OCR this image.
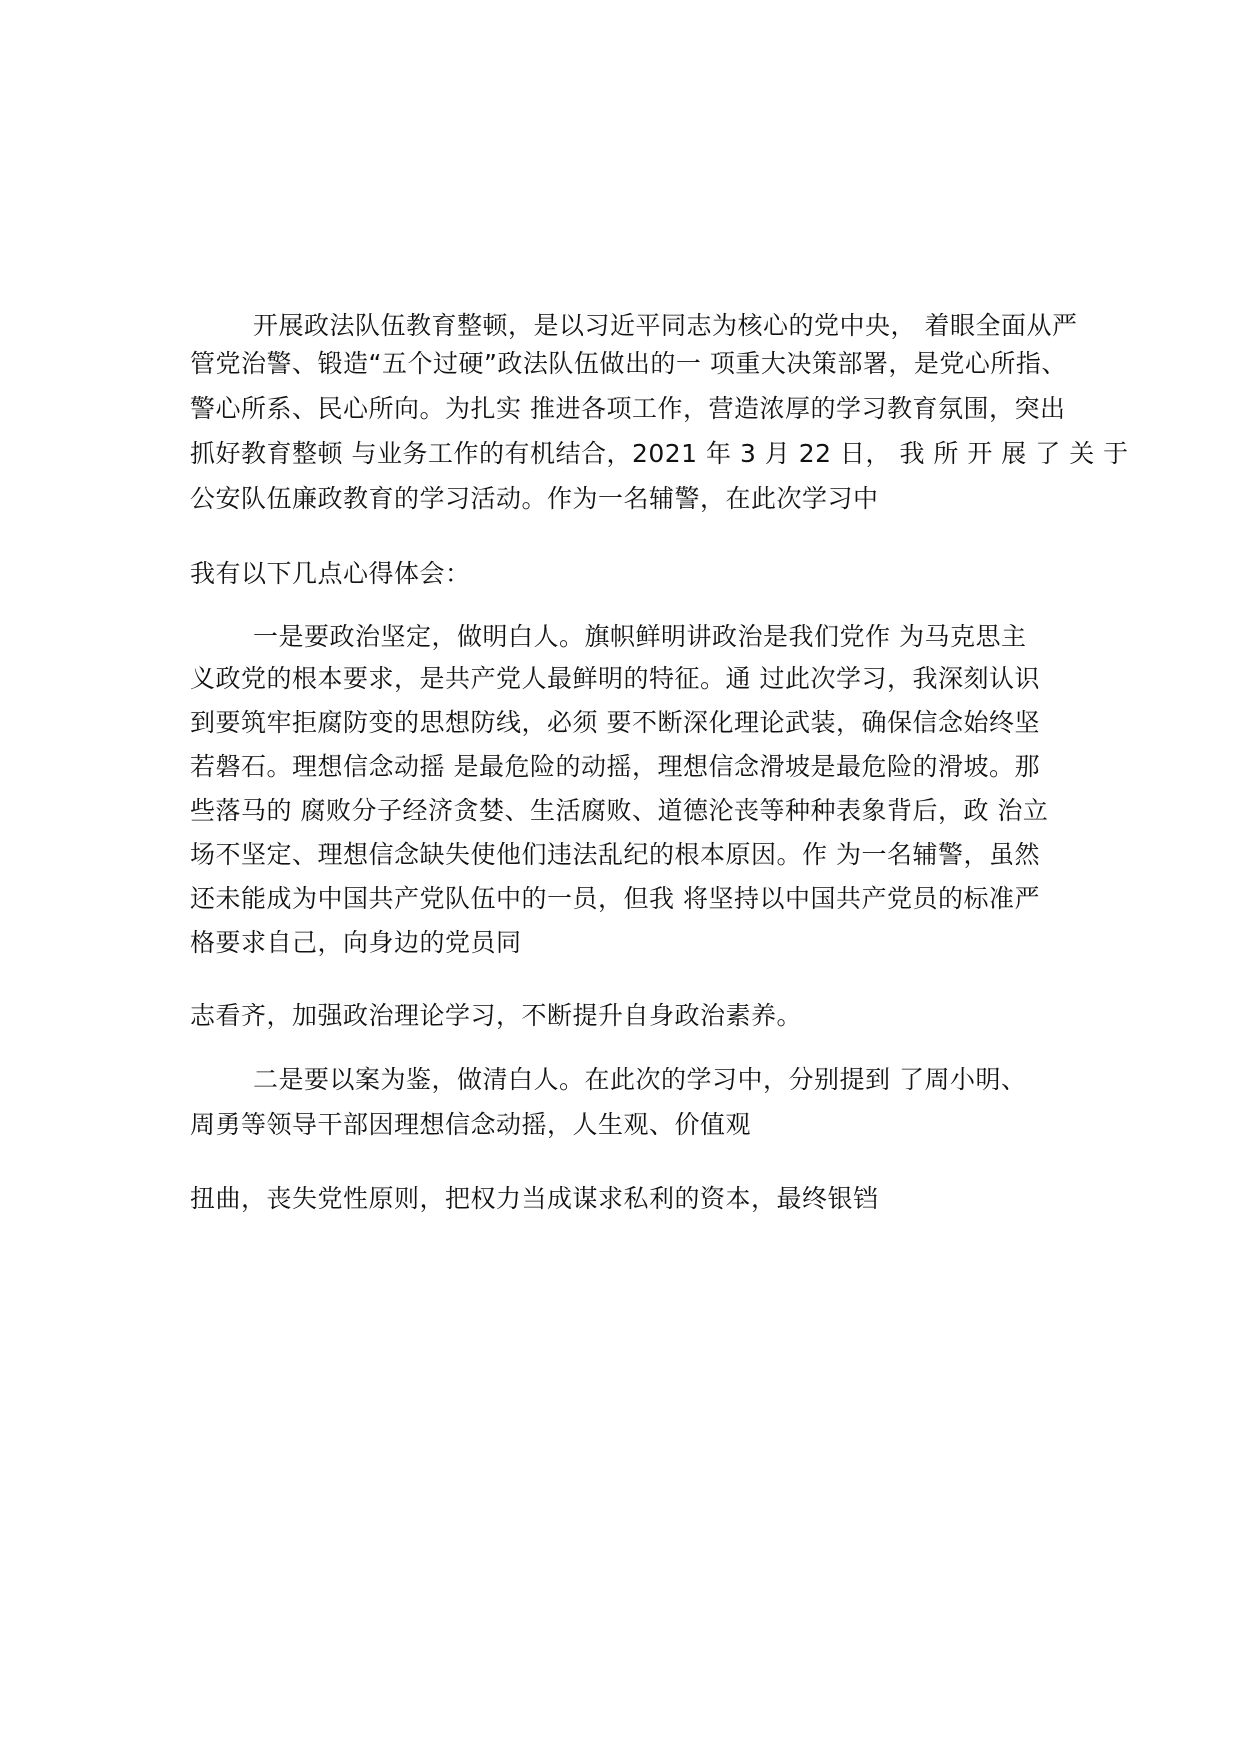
开展政法队伍教育整顿，是以习近平同志为核心的党中央， 着眼全面从严
管党治警、锻造“五个过硬”政法队伍做出的一 项重大决策部署，是党心所指、
警心所系、民心所向。为扎实 推进各项工作，营造浓厚的学习教育氛围，突出
抓好教育整顿 与业务工作的有机结合，2021 年 3 月 22 日， 我 所 开 展 了 关 于
公安队伍廉政教育的学习活动。作为一名辅警，在此次学习中
我有以下几点心得体会：
一是要政治坚定，做明白人。旗帜鲜明讲政治是我们党作 为马克思主
义政党的根本要求，是共产党人最鲜明的特征。通 过此次学习，我深刻认识
到要筑牢拒腐防变的思想防线，必须 要不断深化理论武装，确保信念始终坚
若磐石。理想信念动摇 是最危险的动摇，理想信念滑坡是最危险的滑坡。那
些落马的 腐败分子经济贪婪、生活腐败、道德沦丧等种种表象背后，政 治立
场不坚定、理想信念缺失使他们违法乱纪的根本原因。作 为一名辅警，虽然
还未能成为中国共产党队伍中的一员，但我 将坚持以中国共产党员的标准严
格要求自己，向身边的党员同
志看齐，加强政治理论学习，不断提升自身政治素养。
二是要以案为鉴，做清白人。在此次的学习中，分别提到 了周小明、
周勇等领导干部因理想信念动摇，人生观、价值观
扭曲，丧失党性原则，把权力当成谋求私利的资本，最终银铛
